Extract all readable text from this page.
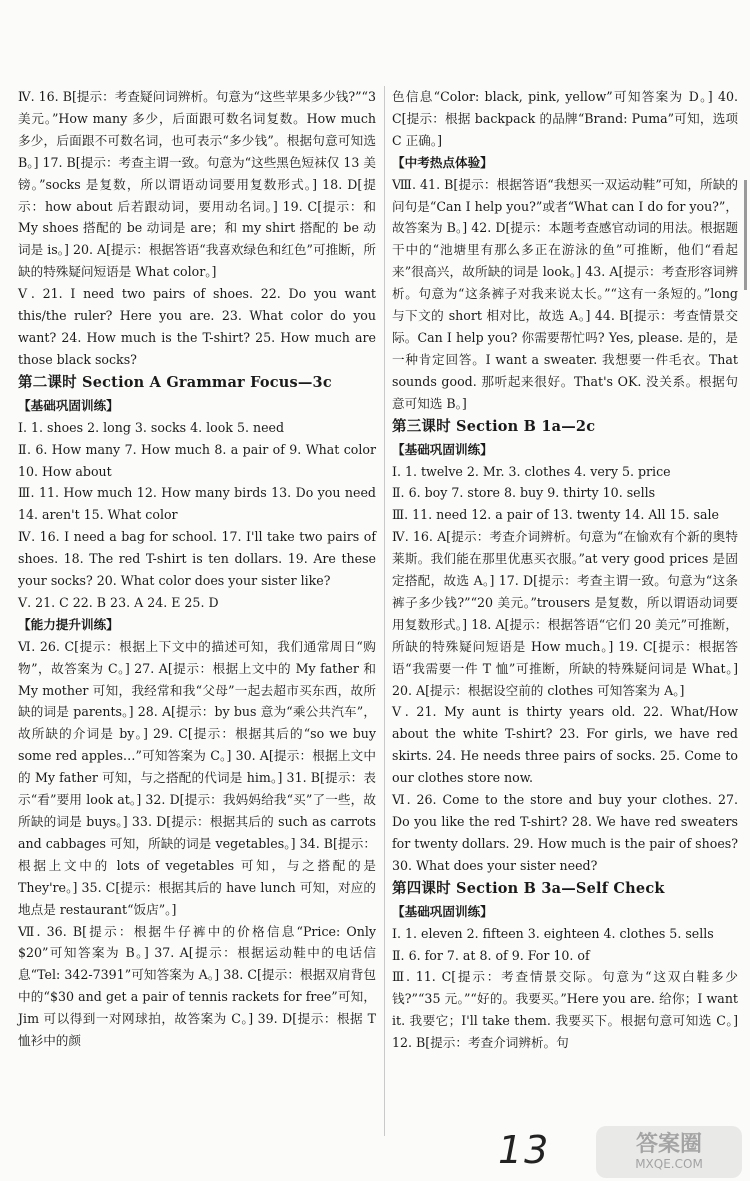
Ⅳ. 16. B[提示：考查疑问词辨析。句意为“这些苹果多少钱?”“3美元。”How many 多少，后面跟可数名词复数。How much 多少，后面跟不可数名词，也可表示“多少钱”。根据句意可知选 B。] 17. B[提示：考查主谓一致。句意为“这些黑色短袜仅 13 美镑。”socks 是复数，所以谓语动词要用复数形式。] 18. D[提示：how about 后若跟动词，要用动名词。] 19. C[提示：和 My shoes 搭配的 be 动词是 are；和 my shirt 搭配的 be 动词是 is。] 20. A[提示：根据答语“我喜欢绿色和红色”可推断，所缺的特殊疑问短语是 What color。]

Ⅴ. 21. I need two pairs of shoes. 22. Do you want this/the ruler? Here you are. 23. What color do you want? 24. How much is the T-shirt? 25. How much are those black socks?

第二课时 Section A Grammar Focus—3c

【基础巩固训练】

Ⅰ. 1. shoes 2. long 3. socks 4. look 5. need

Ⅱ. 6. How many 7. How much 8. a pair of 9. What color 10. How about

Ⅲ. 11. How much 12. How many birds 13. Do you need 14. aren't 15. What color

Ⅳ. 16. I need a bag for school. 17. I'll take two pairs of shoes. 18. The red T-shirt is ten dollars. 19. Are these your socks? 20. What color does your sister like?

Ⅴ. 21. C 22. B 23. A 24. E 25. D

【能力提升训练】

Ⅵ. 26. C[提示：根据上下文中的描述可知，我们通常周日“购物”，故答案为 C。] 27. A[提示：根据上文中的 My father 和 My mother 可知，我经常和我“父母”一起去超市买东西，故所缺的词是 parents。] 28. A[提示：by bus 意为“乘公共汽车”，故所缺的介词是 by。] 29. C[提示：根据其后的“so we buy some red apples…”可知答案为 C。] 30. A[提示：根据上文中的 My father 可知，与之搭配的代词是 him。] 31. B[提示：表示“看”要用 look at。] 32. D[提示：我妈妈给我“买”了一些，故所缺的词是 buys。] 33. D[提示：根据其后的 such as carrots and cabbages 可知，所缺的词是 vegetables。] 34. B[提示：根据上文中的 lots of vegetables 可知，与之搭配的是 They're。] 35. C[提示：根据其后的 have lunch 可知，对应的地点是 restaurant“饭店”。]

Ⅶ. 36. B[提示：根据牛仔裤中的价格信息“Price: Only $20”可知答案为 B。] 37. A[提示：根据运动鞋中的电话信息“Tel: 342-7391”可知答案为 A。] 38. C[提示：根据双肩背包中的“$30 and get a pair of tennis rackets for free”可知，Jim 可以得到一对网球拍，故答案为 C。] 39. D[提示：根据 T 恤衫中的颜

色信息“Color: black, pink, yellow”可知答案为 D。] 40. C[提示：根据 backpack 的品牌“Brand: Puma”可知，选项 C 正确。]

【中考热点体验】

Ⅷ. 41. B[提示：根据答语“我想买一双运动鞋”可知，所缺的问句是“Can I help you?”或者“What can I do for you?”，故答案为 B。] 42. D[提示：本题考查感官动词的用法。根据题干中的“池塘里有那么多正在游泳的鱼”可推断，他们“看起来”很高兴，故所缺的词是 look。] 43. A[提示：考查形容词辨析。句意为“这条裤子对我来说太长。”“这有一条短的。”long 与下文的 short 相对比，故选 A。] 44. B[提示：考查情景交际。Can I help you? 你需要帮忙吗? Yes, please. 是的，是一种肯定回答。I want a sweater. 我想要一件毛衣。That sounds good. 那听起来很好。That's OK. 没关系。根据句意可知选 B。]

第三课时 Section B 1a—2c

【基础巩固训练】

Ⅰ. 1. twelve 2. Mr. 3. clothes 4. very 5. price

Ⅱ. 6. boy 7. store 8. buy 9. thirty 10. sells

Ⅲ. 11. need 12. a pair of 13. twenty 14. All 15. sale

Ⅳ. 16. A[提示：考查介词辨析。句意为“在愉欢有个新的奥特莱斯。我们能在那里优惠买衣服。”at very good prices 是固定搭配，故选 A。] 17. D[提示：考查主谓一致。句意为“这条裤子多少钱?”“20 美元。”trousers 是复数，所以谓语动词要用复数形式。] 18. A[提示：根据答语“它们 20 美元”可推断，所缺的特殊疑问短语是 How much。] 19. C[提示：根据答语“我需要一件 T 恤”可推断，所缺的特殊疑问词是 What。] 20. A[提示：根据设空前的 clothes 可知答案为 A。]

Ⅴ. 21. My aunt is thirty years old. 22. What/How about the white T-shirt? 23. For girls, we have red skirts. 24. He needs three pairs of socks. 25. Come to our clothes store now.

Ⅵ. 26. Come to the store and buy your clothes. 27. Do you like the red T-shirt? 28. We have red sweaters for twenty dollars. 29. How much is the pair of shoes? 30. What does your sister need?

第四课时 Section B 3a—Self Check

【基础巩固训练】

Ⅰ. 1. eleven 2. fifteen 3. eighteen 4. clothes 5. sells

Ⅱ. 6. for 7. at 8. of 9. For 10. of

Ⅲ. 11. C[提示：考查情景交际。句意为“这双白鞋多少钱?”“35 元。”“好的。我要买。”Here you are. 给你；I want it. 我要它；I'll take them. 我要买下。根据句意可知选 C。] 12. B[提示：考查介词辨析。句

13	答案圈
MXQE.COM
